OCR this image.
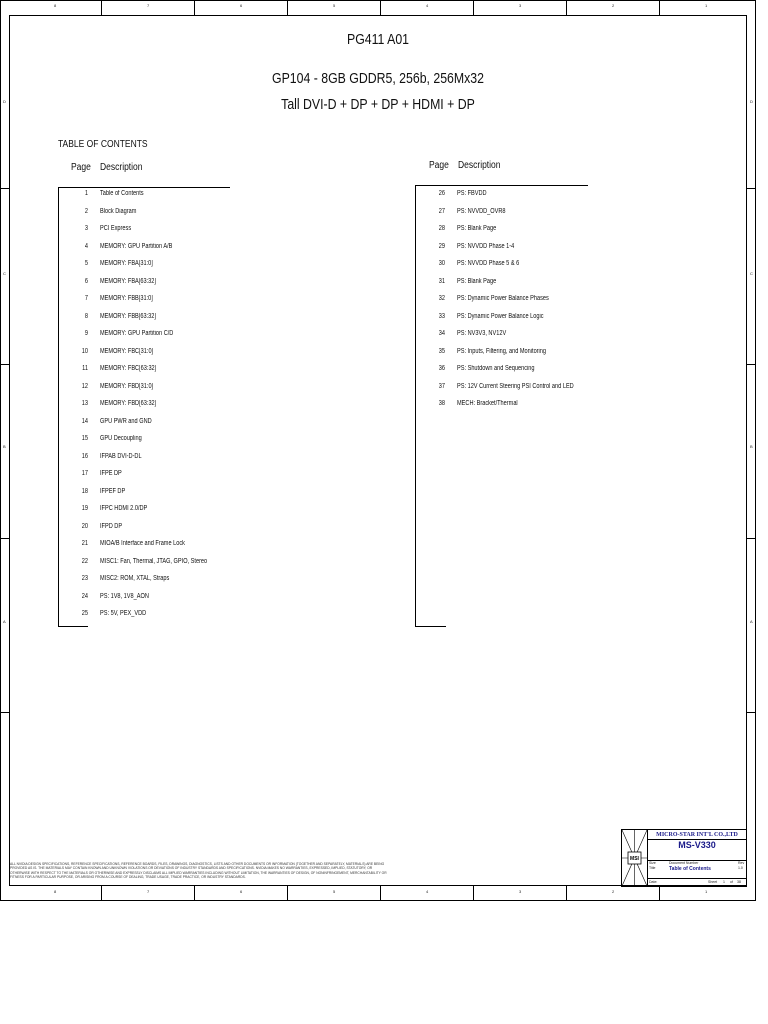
8
8
7
7
6
6
5
5
4
4
3
3
2
2
1
1
D	D
C	C
B	B
A	A
PG411 A01
GP104 - 8GB GDDR5, 256b, 256Mx32
Tall DVI-D + DP + DP + HDMI + DP
TABLE OF CONTENTS
Page Description	Page Description
1 Table of Contents
2 Block Diagram
3 PCI Express
4 MEMORY: GPU Partition A/B
5 MEMORY: FBA[31:0]
6 MEMORY: FBA[63:32]
7 MEMORY: FBB[31:0]
8 MEMORY: FBB[63:32]
9 MEMORY: GPU Partition C/D
10 MEMORY: FBC[31:0]
11 MEMORY: FBC[63:32]
12 MEMORY: FBD[31:0]
13 MEMORY: FBD[63:32]
14 GPU PWR and GND
15 GPU Decoupling
16 IFPAB DVI-D-DL
17 IFPE DP
18 IFPEF DP
19 IFPC HDMI 2.0/DP
20 IFPD DP
21 MIOA/B Interface and Frame Lock
22 MISC1: Fan, Thermal, JTAG, GPIO, Stereo
23 MISC2: ROM, XTAL, Straps
24 PS: 1V8, 1V8_AON
25 PS: 5V, PEX_VDD
26 PS: FBVDD
27 PS: NVVDD_OVR8
28 PS: Blank Page
29 PS: NVVDD Phase 1-4
30 PS: NVVDD Phase 5 & 6
31 PS: Blank Page
32 PS: Dynamic Power Balance Phases
33 PS: Dynamic Power Balance Logic
34 PS: NV3V3, NV12V
35 PS: Inputs, Filtering, and Monitoring
36 PS: Shutdown and Sequencing
37 PS: 12V Current Steering PSI Control and LED
38 MECH: Bracket/Thermal
ALL NVIDIA DESIGN SPECIFICATIONS, REFERENCE SPECIFICATIONS, REFERENCE BOARDS, FILES, DRAWINGS, DIAGNOSTICS, LISTS AND OTHER DOCUMENTS OR INFORMATION (TOGETHER AND SEPARATELY, MATERIALS) ARE BEING PROVIDED AS IS. THE MATERIALS MAY CONTAIN KNOWN AND UNKNOWN VIOLATIONS OR DEVIATIONS OF INDUSTRY STANDARDS AND SPECIFICATIONS. NVIDIA MAKES NO WARRANTIES, EXPRESSED, IMPLIED, STATUTORY, OR OTHERWISE WITH RESPECT TO THE MATERIALS OR OTHERWISE AND EXPRESSLY DISCLAIMS ALL IMPLIED WARRANTIES INCLUDING WITHOUT LIMITATION, THE WARRANTIES OF DESIGN, OF NONINFRINGEMENT, MERCHANTABILITY OR FITNESS FOR A PARTICULAR PURPOSE, OR ARISING FROM A COURSE OF DEALING, TRADE USAGE, TRADE PRACTICE, OR INDUSTRY STANDARDS.
MSI
MICRO-STAR INT'L CO.,LTD
MS-V330
Size	Document Number	Rev
Title	Table of Contents	1.0
Date:	Sheet 1 of 38
